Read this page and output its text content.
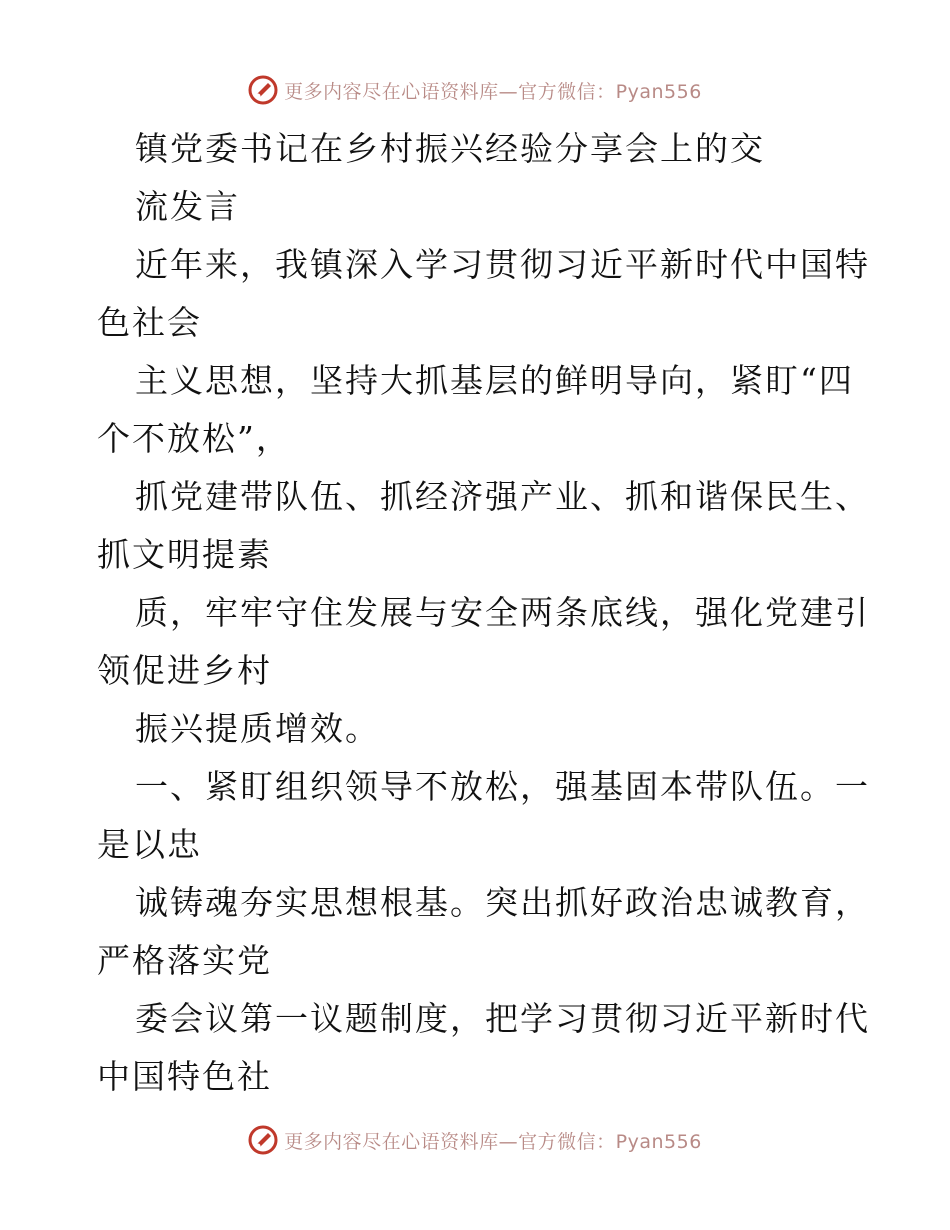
更多内容尽在心语资料库—官方微信：Pyan556
镇党委书记在乡村振兴经验分享会上的交
流发言
近年来，我镇深入学习贯彻习近平新时代中国特
色社会
主义思想，坚持大抓基层的鲜明导向，紧盯“四
个不放松”，
抓党建带队伍、抓经济强产业、抓和谐保民生、
抓文明提素
质，牢牢守住发展与安全两条底线，强化党建引
领促进乡村
振兴提质增效。
一、紧盯组织领导不放松，强基固本带队伍。一
是以忠
诚铸魂夯实思想根基。突出抓好政治忠诚教育，
严格落实党
委会议第一议题制度，把学习贯彻习近平新时代
中国特色社
更多内容尽在心语资料库—官方微信：Pyan556
